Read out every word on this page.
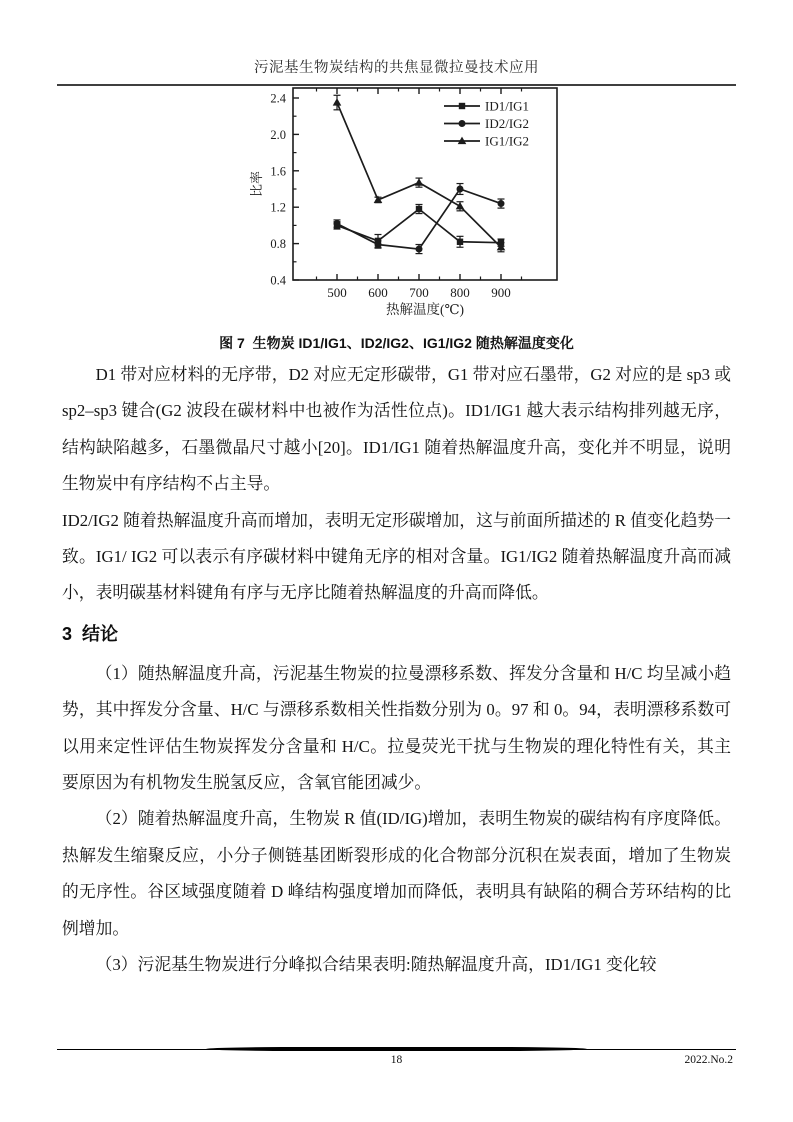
污泥基生物炭结构的共焦显微拉曼技术应用
0.4
0.8
1.2
1.6
2.0
2.4
500 600 700 800 900
热解温度(℃)
比率
ID1/IG1
ID2/IG2
IG1/IG2
图 7  生物炭 ID1/IG1、ID2/IG2、IG1/IG2 随热解温度变化

D1 带对应材料的无序带，D2 对应无定形碳带，G1 带对应石墨带，G2 对应的是 sp3 或 sp2–sp3 键合(G2 波段在碳材料中也被作为活性位点)。ID1/IG1 越大表示结构排列越无序，结构缺陷越多，石墨微晶尺寸越小[20]。ID1/IG1 随着热解温度升高，变化并不明显，说明生物炭中有序结构不占主导。

ID2/IG2 随着热解温度升高而增加，表明无定形碳增加，这与前面所描述的 R 值变化趋势一致。IG1/ IG2 可以表示有序碳材料中键角无序的相对含量。IG1/IG2 随着热解温度升高而减小，表明碳基材料键角有序与无序比随着热解温度的升高而降低。

3  结论

（1）随热解温度升高，污泥基生物炭的拉曼漂移系数、挥发分含量和 H/C 均呈减小趋势，其中挥发分含量、H/C 与漂移系数相关性指数分别为 0。97 和 0。94，表明漂移系数可以用来定性评估生物炭挥发分含量和 H/C。拉曼荧光干扰与生物炭的理化特性有关，其主要原因为有机物发生脱氢反应，含氧官能团减少。

（2）随着热解温度升高，生物炭 R 值(ID/IG)增加，表明生物炭的碳结构有序度降低。热解发生缩聚反应，小分子侧链基团断裂形成的化合物部分沉积在炭表面，增加了生物炭的无序性。谷区域强度随着 D 峰结构强度增加而降低，表明具有缺陷的稠合芳环结构的比例增加。

（3）污泥基生物炭进行分峰拟合结果表明:随热解温度升高，ID1/IG1 变化较

18	2022.No.2
